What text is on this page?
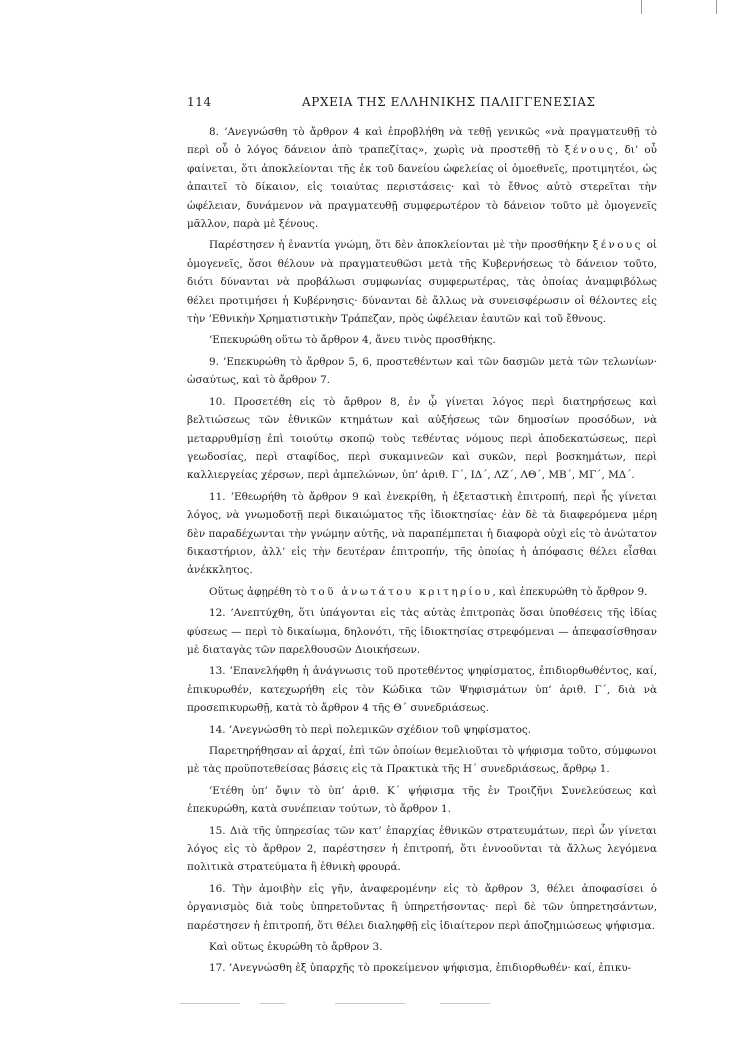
114	ΑΡΧΕΙΑ ΤΗΣ ΕΛΛΗΝΙΚΗΣ ΠΑΛΙΓΓΕΝΕΣΙΑΣ

8. ’Ανεγνώσθη τὸ ἄρθρον 4 καὶ ἐπροβλήθη νὰ τεθῇ γενικῶς «νὰ πραγματευθῇ τὸ περὶ οὗ ὁ λόγος δάνειον ἀπὸ τραπεζίτας», χωρὶς νὰ προστεθῇ τὸ ξένους, δι’ οὗ φαίνεται, ὅτι ἀποκλείονται τῆς ἐκ τοῦ δανείου ὠφελείας οἱ ὁμοεθνεῖς, προτιμητέοι, ὡς ἀπαιτεῖ τὸ δίκαιον, εἰς τοιαύτας περιστάσεις· καὶ τὸ ἔθνος αὐτὸ στερεῖται τὴν ὠφέλειαν, δυνάμενον νὰ πραγματευθῇ συμφερωτέρον τὸ δάνειον τοῦτο μὲ ὁμογενεῖς μᾶλλον, παρὰ μὲ ξένους.

Παρέστησεν ἡ ἐναντία γνώμη, ὅτι δὲν ἀποκλείονται μὲ τὴν προσθήκην ξένους οἱ ὁμογενεῖς, ὅσοι θέλουν νὰ πραγματευθῶσι μετὰ τῆς Κυβερνήσεως τὸ δάνειον τοῦτο, διότι δύνανται νὰ προβάλωσι συμφωνίας συμφερωτέρας, τὰς ὁποίας ἀναμφιβόλως θέλει προτιμήσει ἡ Κυβέρνησις· δύνανται δὲ ἄλλως νὰ συνεισφέρωσιν οἱ θέλοντες εἰς τὴν ’Εθνικὴν Χρηματιστικὴν Τράπεζαν, πρὸς ὠφέλειαν ἑαυτῶν καὶ τοῦ ἔθνους.

’Επεκυρώθη οὕτω τὸ ἄρθρον 4, ἄνευ τινὸς προσθήκης.

9. ’Επεκυρώθη τὸ ἄρθρον 5, 6, προστεθέντων καὶ τῶν δασμῶν μετὰ τῶν τελωνίων· ὡσαύτως, καὶ τὸ ἄρθρον 7.

10. Προσετέθη εἰς τὸ ἄρθρον 8, ἐν ᾧ γίνεται λόγος περὶ διατηρήσεως καὶ βελτιώσεως τῶν ἐθνικῶν κτημάτων καὶ αὐξήσεως τῶν δημοσίων προσόδων, νὰ μεταρρυθμίσῃ ἐπὶ τοιούτῳ σκοπῷ τοὺς τεθέντας νόμους περὶ ἀποδεκατώσεως, περὶ γεωδοσίας, περὶ σταφίδος, περὶ συκαμινεῶν καὶ συκῶν, περὶ βοσκημάτων, περὶ καλλιεργείας χέρσων, περὶ ἀμπελώνων, ὑπ’ ἀριθ. Γ΄, ΙΔ΄, ΛΖ΄, ΛΘ΄, ΜΒ΄, ΜΓ΄, ΜΔ΄.

11. ’Εθεωρήθη τὸ ἄρθρον 9 καὶ ἐνεκρίθη, ἡ ἐξεταστικὴ ἐπιτροπή, περὶ ἧς γίνεται λόγος, νὰ γνωμοδοτῇ περὶ δικαιώματος τῆς ἰδιοκτησίας· ἐὰν δὲ τὰ διαφερόμενα μέρη δὲν παραδέχωνται τὴν γνώμην αὐτῆς, νὰ παραπέμπεται ἡ διαφορὰ οὐχὶ εἰς τὸ ἀνώτατον δικαστήριον, ἀλλ’ εἰς τὴν δευτέραν ἐπιτροπήν, τῆς ὁποίας ἡ ἀπόφασις θέλει εἶσθαι ἀνέκκλητος.

Οὕτως ἀφῃρέθη τὸ τοῦ ἀνωτάτου κριτηρίου, καὶ ἐπεκυρώθη τὸ ἄρθρον 9.

12. ’Ανεπτύχθη, ὅτι ὑπάγονται εἰς τὰς αὐτὰς ἐπιτροπὰς ὅσαι ὑποθέσεις τῆς ἰδίας φύσεως — περὶ τὸ δικαίωμα, δηλονότι, τῆς ἰδιοκτησίας στρεφόμεναι — ἀπεφασίσθησαν μὲ διαταγὰς τῶν παρελθουσῶν Διοικήσεων.

13. ’Επανελήφθη ἡ ἀνάγνωσις τοῦ προτεθέντος ψηφίσματος, ἐπιδιορθωθέντος, καί, ἐπικυρωθέν, κατεχωρήθη εἰς τὸν Κώδικα τῶν Ψηφισμάτων ὑπ’ ἀριθ. Γ΄, διὰ νὰ προσεπικυρωθῇ, κατὰ τὸ ἄρθρον 4 τῆς Θ΄ συνεδριάσεως.

14. ’Ανεγνώσθη τὸ περὶ πολεμικῶν σχέδιον τοῦ ψηφίσματος.

Παρετηρήθησαν αἱ ἀρχαί, ἐπὶ τῶν ὁποίων θεμελιοῦται τὸ ψήφισμα τοῦτο, σύμφωνοι μὲ τὰς προϋποτεθείσας βάσεις εἰς τὰ Πρακτικὰ τῆς Η΄ συνεδριάσεως, ἄρθρῳ 1.

’Ετέθη ὑπ’ ὄψιν τὸ ὑπ’ ἀριθ. Κ΄ ψήφισμα τῆς ἐν Τροιζῆνι Συνελεύσεως καὶ ἐπεκυρώθη, κατὰ συνέπειαν τούτων, τὸ ἄρθρον 1.

15. Διὰ τῆς ὑπηρεσίας τῶν κατ’ ἐπαρχίας ἐθνικῶν στρατευμάτων, περὶ ὧν γίνεται λόγος εἰς τὸ ἄρθρον 2, παρέστησεν ἡ ἐπιτροπή, ὅτι ἐννοοῦνται τὰ ἄλλως λεγόμενα πολιτικὰ στρατεύματα ἢ ἐθνικὴ φρουρά.

16. Τὴν ἀμοιβὴν εἰς γῆν, ἀναφερομένην εἰς τὸ ἄρθρον 3, θέλει ἀποφασίσει ὁ ὀργανισμὸς διὰ τοὺς ὑπηρετοῦντας ἢ ὑπηρετήσοντας· περὶ δὲ τῶν ὑπηρετησάντων, παρέστησεν ἡ ἐπιτροπή, ὅτι θέλει διαληφθῇ εἰς ἰδιαίτερον περὶ ἀποζημιώσεως ψήφισμα.

Καὶ οὕτως ἐκυρώθη τὸ ἄρθρον 3.

17. ’Ανεγνώσθη ἐξ ὑπαρχῆς τὸ προκείμενον ψήφισμα, ἐπιδιορθωθέν· καί, ἐπικυ-
